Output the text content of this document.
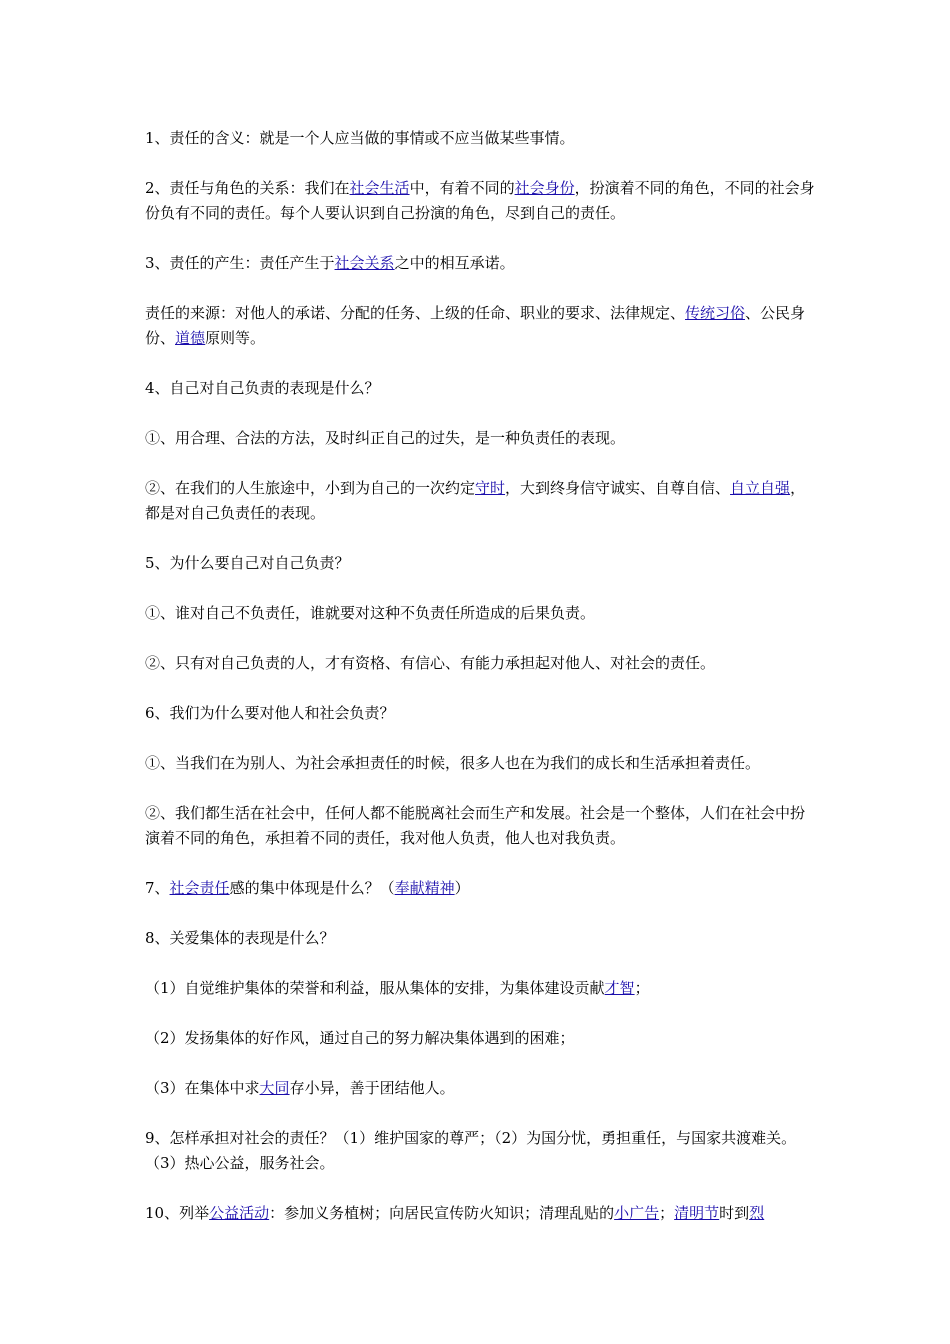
1、责任的含义：就是一个人应当做的事情或不应当做某些事情。

2、责任与角色的关系：我们在社会生活中，有着不同的社会身份，扮演着不同的角色，不同的社会身份负有不同的责任。每个人要认识到自己扮演的角色，尽到自己的责任。

3、责任的产生：责任产生于社会关系之中的相互承诺。

责任的来源：对他人的承诺、分配的任务、上级的任命、职业的要求、法律规定、传统习俗、公民身份、道德原则等。

4、自己对自己负责的表现是什么？

①、用合理、合法的方法，及时纠正自己的过失，是一种负责任的表现。

②、在我们的人生旅途中，小到为自己的一次约定守时，大到终身信守诚实、自尊自信、自立自强，都是对自己负责任的表现。

5、为什么要自己对自己负责？

①、谁对自己不负责任，谁就要对这种不负责任所造成的后果负责。

②、只有对自己负责的人，才有资格、有信心、有能力承担起对他人、对社会的责任。

6、我们为什么要对他人和社会负责？

①、当我们在为别人、为社会承担责任的时候，很多人也在为我们的成长和生活承担着责任。

②、我们都生活在社会中，任何人都不能脱离社会而生产和发展。社会是一个整体，人们在社会中扮演着不同的角色，承担着不同的责任，我对他人负责，他人也对我负责。

7、社会责任感的集中体现是什么？（奉献精神）

8、关爱集体的表现是什么？

（1）自觉维护集体的荣誉和利益，服从集体的安排，为集体建设贡献才智；

（2）发扬集体的好作风，通过自己的努力解决集体遇到的困难；

（3）在集体中求大同存小异，善于团结他人。

9、怎样承担对社会的责任？（1）维护国家的尊严；（2）为国分忧，勇担重任，与国家共渡难关。（3）热心公益，服务社会。

10、列举公益活动：参加义务植树；向居民宣传防火知识；清理乱贴的小广告；清明节时到烈
